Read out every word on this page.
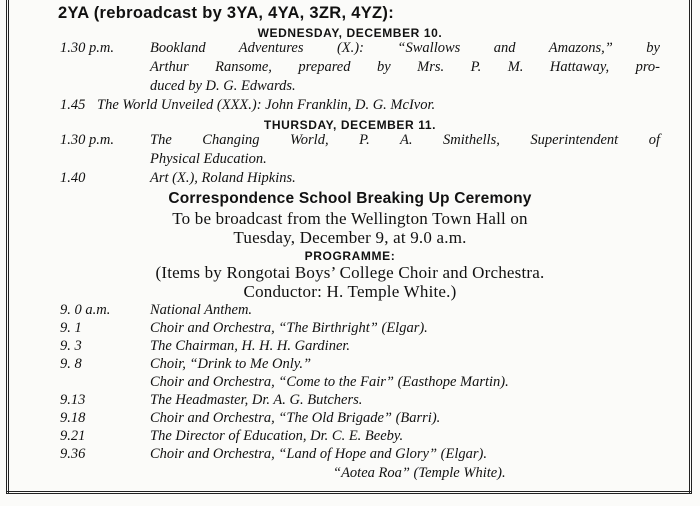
2YA (rebroadcast by 3YA, 4YA, 3ZR, 4YZ):
WEDNESDAY, DECEMBER 10.
1.30 p.m. Bookland Adventures (X.): “Swallows and Amazons,” by
Arthur Ransome, prepared by Mrs. P. M. Hattaway, pro-
duced by D. G. Edwards.
1.45 The World Unveiled (XXX.): John Franklin, D. G. McIvor.
THURSDAY, DECEMBER 11.
1.30 p.m. The Changing World, P. A. Smithells, Superintendent of
Physical Education.
1.40	Art (X.), Roland Hipkins.
Correspondence School Breaking Up Ceremony
To be broadcast from the Wellington Town Hall on
Tuesday, December 9, at 9.0 a.m.
PROGRAMME:
(Items by Rongotai Boys’ College Choir and Orchestra.
Conductor: H. Temple White.)
9. 0 a.m.	National Anthem.
9. 1	Choir and Orchestra, “The Birthright” (Elgar).
9. 3	The Chairman, H. H. H. Gardiner.
9. 8	Choir, “Drink to Me Only.”
Choir and Orchestra, “Come to the Fair” (Easthope Martin).
9.13	The Headmaster, Dr. A. G. Butchers.
9.18	Choir and Orchestra, “The Old Brigade” (Barri).
9.21	The Director of Education, Dr. C. E. Beeby.
9.36	Choir and Orchestra, “Land of Hope and Glory” (Elgar).
“Aotea Roa” (Temple White).
